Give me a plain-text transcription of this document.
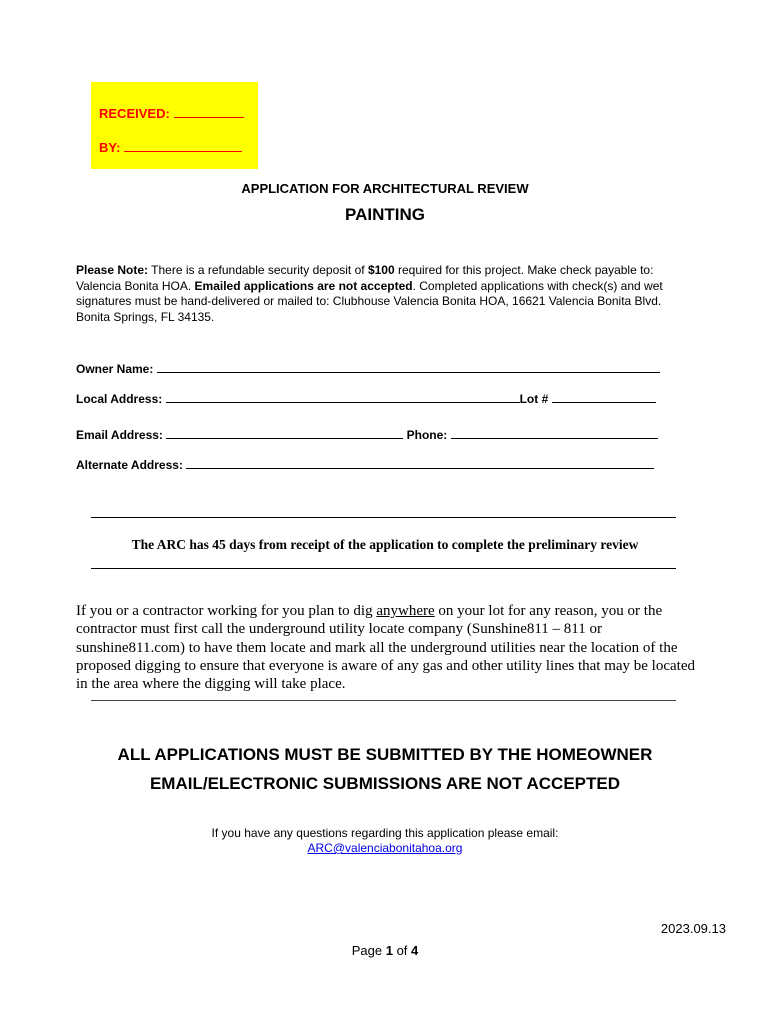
RECEIVED:
BY:
APPLICATION FOR ARCHITECTURAL REVIEW
PAINTING
Please Note: There is a refundable security deposit of $100 required for this project. Make check payable to: Valencia Bonita HOA. Emailed applications are not accepted. Completed applications with check(s) and wet signatures must be hand-delivered or mailed to: Clubhouse Valencia Bonita HOA, 16621 Valencia Bonita Blvd. Bonita Springs, FL 34135.
Owner Name:
Local Address:	Lot #
Email Address:	Phone:
Alternate Address:
The ARC has 45 days from receipt of the application to complete the preliminary review
If you or a contractor working for you plan to dig anywhere on your lot for any reason, you or the contractor must first call the underground utility locate company (Sunshine811 – 811 or sunshine811.com) to have them locate and mark all the underground utilities near the location of the proposed digging to ensure that everyone is aware of any gas and other utility lines that may be located in the area where the digging will take place.
ALL APPLICATIONS MUST BE SUBMITTED BY THE HOMEOWNER
EMAIL/ELECTRONIC SUBMISSIONS ARE NOT ACCEPTED
If you have any questions regarding this application please email:
ARC@valenciabonitahoa.org
2023.09.13
Page 1 of 4
